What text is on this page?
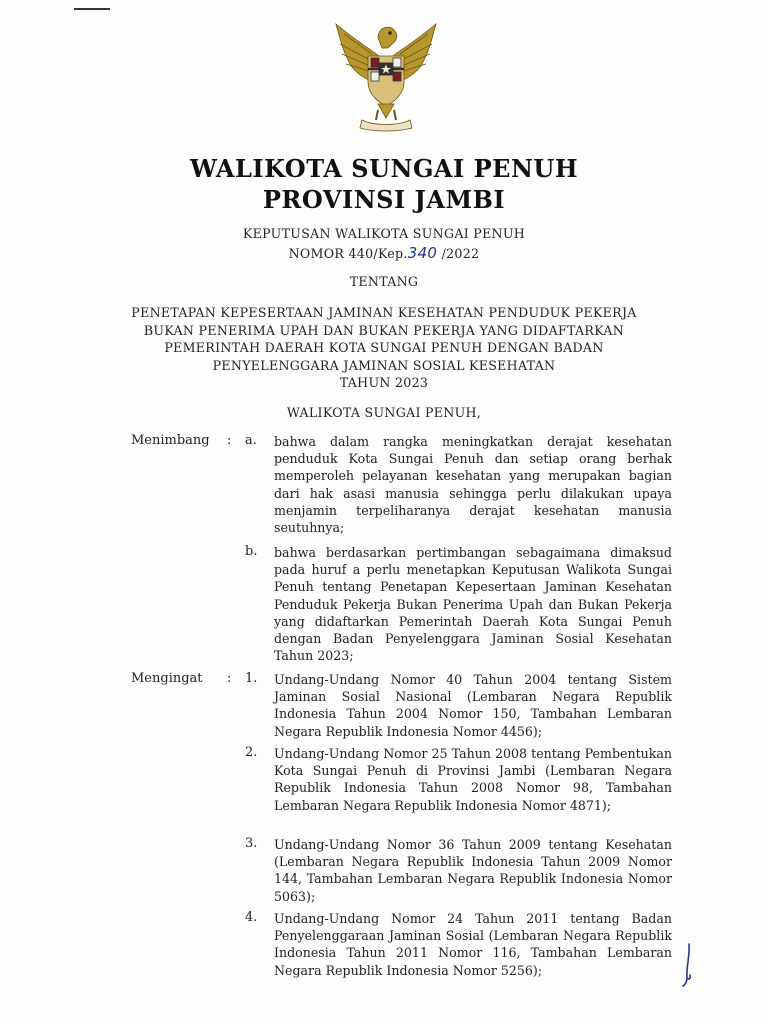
WALIKOTA SUNGAI PENUH
PROVINSI JAMBI
KEPUTUSAN WALIKOTA SUNGAI PENUH
NOMOR 440/Kep.340 /2022
TENTANG
PENETAPAN KEPESERTAAN JAMINAN KESEHATAN PENDUDUK PEKERJA
BUKAN PENERIMA UPAH DAN BUKAN PEKERJA YANG DIDAFTARKAN
PEMERINTAH DAERAH KOTA SUNGAI PENUH DENGAN BADAN
PENYELENGGARA JAMINAN SOSIAL KESEHATAN
TAHUN 2023
WALIKOTA SUNGAI PENUH,
Menimbang : a. bahwa dalam rangka meningkatkan derajat kesehatan penduduk Kota Sungai Penuh dan setiap orang berhak memperoleh pelayanan kesehatan yang merupakan bagian dari hak asasi manusia sehingga perlu dilakukan upaya menjamin terpeliharanya derajat kesehatan manusia seutuhnya;
b. bahwa berdasarkan pertimbangan sebagaimana dimaksud pada huruf a perlu menetapkan Keputusan Walikota Sungai Penuh tentang Penetapan Kepesertaan Jaminan Kesehatan Penduduk Pekerja Bukan Penerima Upah dan Bukan Pekerja yang didaftarkan Pemerintah Daerah Kota Sungai Penuh dengan Badan Penyelenggara Jaminan Sosial Kesehatan Tahun 2023;
Mengingat : 1. Undang-Undang Nomor 40 Tahun 2004 tentang Sistem Jaminan Sosial Nasional (Lembaran Negara Republik Indonesia Tahun 2004 Nomor 150, Tambahan Lembaran Negara Republik Indonesia Nomor 4456);
2. Undang-Undang Nomor 25 Tahun 2008 tentang Pembentukan Kota Sungai Penuh di Provinsi Jambi (Lembaran Negara Republik Indonesia Tahun 2008 Nomor 98, Tambahan Lembaran Negara Republik Indonesia Nomor 4871);
3. Undang-Undang Nomor 36 Tahun 2009 tentang Kesehatan (Lembaran Negara Republik Indonesia Tahun 2009 Nomor 144, Tambahan Lembaran Negara Republik Indonesia Nomor 5063);
4. Undang-Undang Nomor 24 Tahun 2011 tentang Badan Penyelenggaraan Jaminan Sosial (Lembaran Negara Republik Indonesia Tahun 2011 Nomor 116, Tambahan Lembaran Negara Republik Indonesia Nomor 5256);
